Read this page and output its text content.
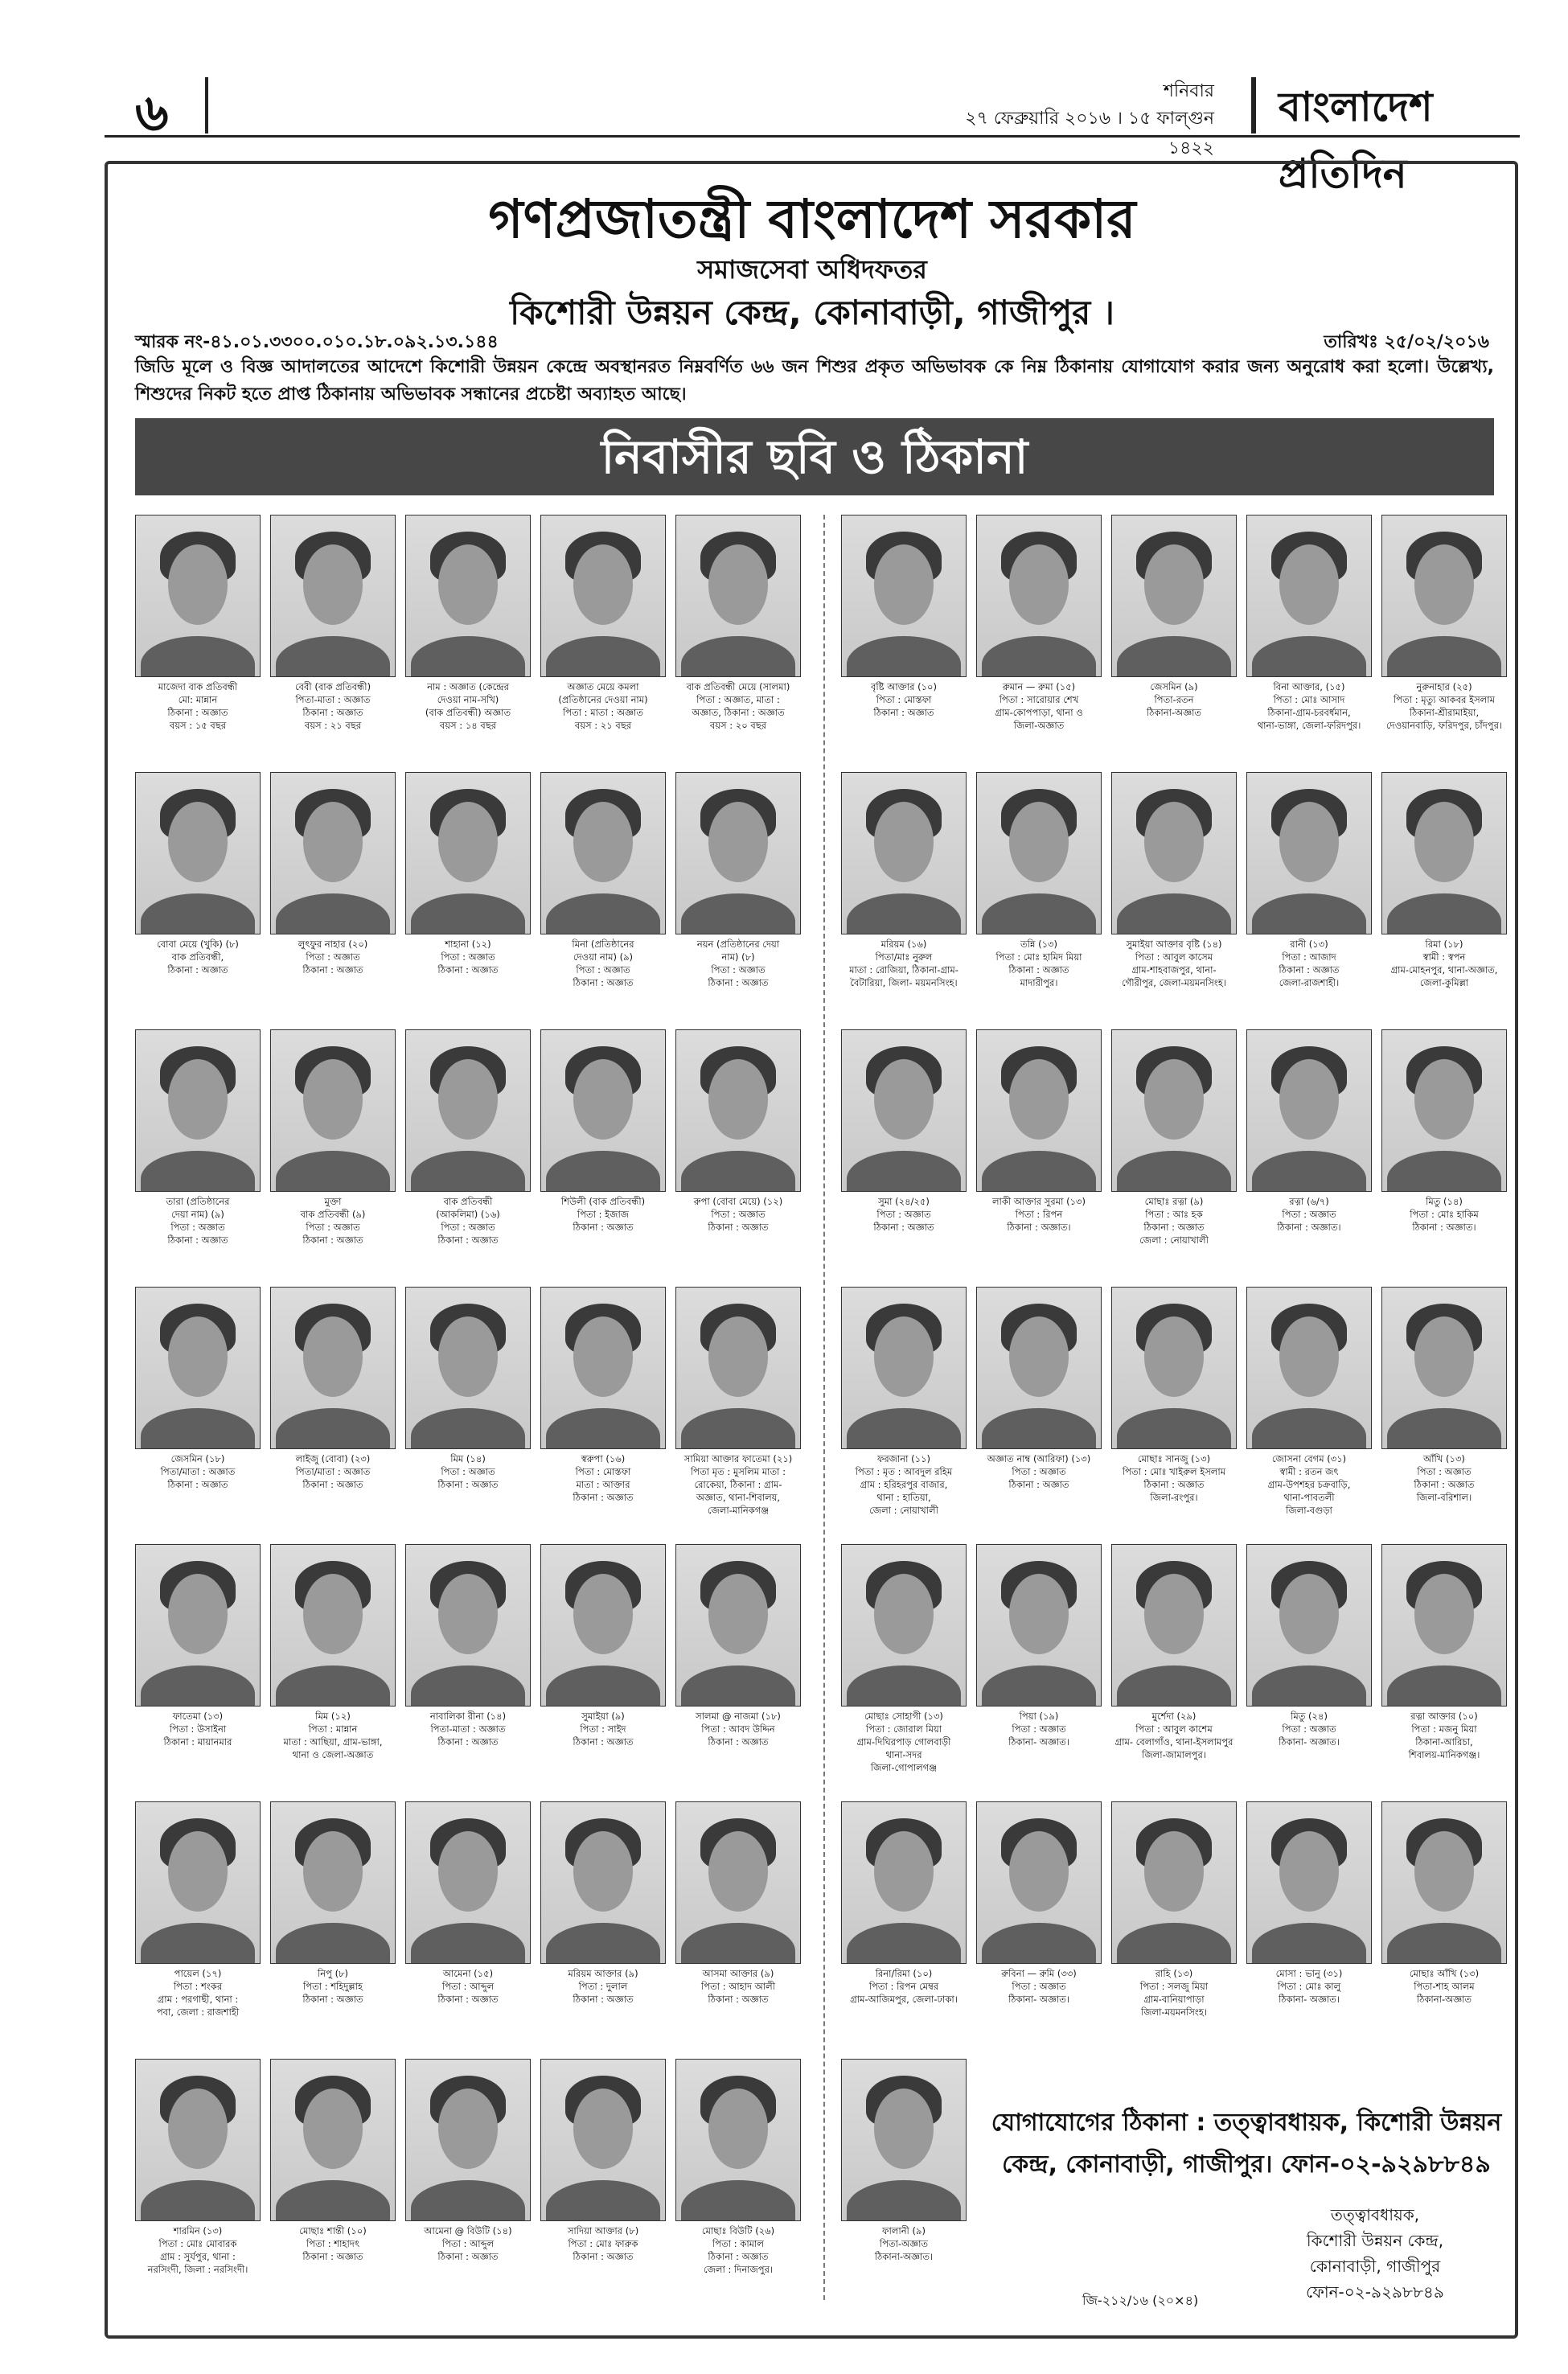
৬	শনিবার
২৭ ফেব্রুয়ারি ২০১৬ । ১৫ ফাল্গুন ১৪২২
বাংলাদেশ প্রতিদিন
গণপ্রজাতন্ত্রী বাংলাদেশ সরকার
সমাজসেবা অধিদফতর
কিশোরী উন্নয়ন কেন্দ্র, কোনাবাড়ী, গাজীপুর ।
স্মারক নং-৪১.০১.৩৩০০.০১০.১৮.০৯২.১৩.১৪৪	তারিখঃ ২৫/০২/২০১৬
জিডি মূলে ও বিজ্ঞ আদালতের আদেশে কিশোরী উন্নয়ন কেন্দ্রে অবস্থানরত নিম্নবর্ণিত ৬৬ জন শিশুর প্রকৃত অভিভাবক কে নিম্ন ঠিকানায় যোগাযোগ করার জন্য অনুরোধ করা হলো। উল্লেখ্য, শিশুদের নিকট হতে প্রাপ্ত ঠিকানায় অভিভাবক সন্ধানের প্রচেষ্টা অব্যাহত আছে।
নিবাসীর ছবি ও ঠিকানা
মাজেদা বাক প্রতিবন্ধী
মো: মান্নান
ঠিকানা : অজ্ঞাত
বয়স : ১৫ বছর
বেবী (বাক প্রতিবন্ধী)
পিতা-মাতা : অজ্ঞাত
ঠিকানা : অজ্ঞাত
বয়স : ২১ বছর
নাম : অজ্ঞাত (কেন্দ্রের
দেওয়া নাম-সখি)
(বাক প্রতিবন্ধী) অজ্ঞাত
বয়স : ১৪ বছর
অজ্ঞাত মেয়ে কমলা
(প্রতিষ্ঠানের দেওয়া নাম)
পিতা : মাতা : অজ্ঞাত
বয়স : ২১ বছর
বাক প্রতিবন্ধী মেয়ে (সালমা)
পিতা : অজ্ঞাত, মাতা :
অজ্ঞাত, ঠিকানা : অজ্ঞাত
বয়স : ২০ বছর
বোবা মেয়ে (খুকি) (৮)
বাক প্রতিবন্ধী,
ঠিকানা : অজ্ঞাত
লুৎফুর নাহার (২০)
পিতা : অজ্ঞাত
ঠিকানা : অজ্ঞাত
শাহানা (১২)
পিতা : অজ্ঞাত
ঠিকানা : অজ্ঞাত
মিনা (প্রতিষ্ঠানের
দেওয়া নাম) (৯)
পিতা : অজ্ঞাত
ঠিকানা : অজ্ঞাত
নয়ন (প্রতিষ্ঠানের দেয়া
নাম) (৮)
পিতা : অজ্ঞাত
ঠিকানা : অজ্ঞাত
তারা (প্রতিষ্ঠানের
দেয়া নাম) (৯)
পিতা : অজ্ঞাত
ঠিকানা : অজ্ঞাত
মুক্তা
বাক প্রতিবন্ধী (৯)
পিতা : অজ্ঞাত
ঠিকানা : অজ্ঞাত
বাক প্রতিবন্ধী
(আকলিমা) (১৬)
পিতা : অজ্ঞাত
ঠিকানা : অজ্ঞাত
শিউলী (বাক প্রতিবন্ধী)
পিতা : ইজাজ
ঠিকানা : অজ্ঞাত
রুপা (বোবা মেয়ে) (১২)
পিতা : অজ্ঞাত
ঠিকানা : অজ্ঞাত
জেসমিন (১৮)
পিতা/মাতা : অজ্ঞাত
ঠিকানা : অজ্ঞাত
লাইজু (বোবা) (২৩)
পিতা/মাতা : অজ্ঞাত
ঠিকানা : অজ্ঞাত
মিম (১৪)
পিতা : অজ্ঞাত
ঠিকানা : অজ্ঞাত
স্বরুপা (১৬)
পিতা : মোস্তফা
মাতা : আক্তার
ঠিকানা : অজ্ঞাত
সামিয়া আক্তার ফাতেমা (২১)
পিতা মৃত : মুসলিম মাতা :
রোকেয়া, ঠিকানা : গ্রাম-
অজ্ঞাত, থানা-শিবালয়,
জেলা-মানিকগঞ্জ
ফাতেমা (১৩)
পিতা : উসাইনা
ঠিকানা : মায়ানমার
মিম (১২)
পিতা : মান্নান
মাতা : আছিয়া, গ্রাম-ভাঙ্গা,
থানা ও জেলা-অজ্ঞাত
নাবালিকা রীনা (১৪)
পিতা-মাতা : অজ্ঞাত
ঠিকানা : অজ্ঞাত
সুমাইয়া (৯)
পিতা : সাইদ
ঠিকানা : অজ্ঞাত
সালমা @ নাজমা (১৮)
পিতা : আবদ উদ্দিন
ঠিকানা : অজ্ঞাত
পায়েল (১৭)
পিতা : শংকর
গ্রাম : পরগাছী, থানা :
পবা, জেলা : রাজশাহী
নিপু (৮)
পিতা : শহিদুল্লাহ
ঠিকানা : অজ্ঞাত
আমেনা (১৫)
পিতা : আব্দুল
ঠিকানা : অজ্ঞাত
মরিয়ম আক্তার (৯)
পিতা : দুলাল
ঠিকানা : অজ্ঞাত
আসমা আক্তার (৯)
পিতা : আহাদ আলী
ঠিকানা : অজ্ঞাত
শারমিন (১৩)
পিতা : মোঃ মোবারক
গ্রাম : সুর্যপুর, থানা :
নরসিংদী, জিলা : নরসিংদী।
মোছাঃ শান্তী (১০)
পিতা : শাহাদৎ
ঠিকানা : অজ্ঞাত
আমেনা @ বিউটি (১৪)
পিতা : আব্দুল
ঠিকানা : অজ্ঞাত
সাদিয়া আক্তার (৮)
পিতা : মোঃ ফারুক
ঠিকানা : অজ্ঞাত
মোছাঃ বিউটি (২৬)
পিতা : কামাল
ঠিকানা : অজ্ঞাত
জেলা : দিনাজপুর।
বৃষ্টি আক্তার (১০)
পিতা : মোস্তফা
ঠিকানা : অজ্ঞাত
রুমান — রুমা (১৫)
পিতা : সারোয়ার শেখ
গ্রাম-কোপপাড়া, থানা ও
জিলা-অজ্ঞাত
জেসমিন (৯)
পিতা-রতন
ঠিকানা-অজ্ঞাত
বিনা আক্তার, (১৫)
পিতা : মোঃ আসাদ
ঠিকানা-গ্রাম-চরবর্ধমান,
থানা-ভাঙ্গা, জেলা-ফরিদপুর।
নুরুনাহার (২৫)
পিতা : মৃত্যু আকবর ইসলাম
ঠিকানা-শ্রীরামাইয়া,
দেওয়ানবাড়ি, ফরিদপুর, চাঁদপুর।
মরিয়ম (১৬)
পিতা/মাঃ নুরুল
মাতা : রোজিয়া, ঠিকানা-গ্রাম-
বৈটারিয়া, জিলা- ময়মনসিংহ।
তন্নি (১৩)
পিতা : মোঃ হামিদ মিয়া
ঠিকানা : অজ্ঞাত
মাদারীপুর।
সুমাইয়া আক্তার বৃষ্টি (১৪)
পিতা : আবুল কাসেম
গ্রাম-শাহবাজপুর, থানা-
গৌরীপুর, জেলা-ময়মনসিংহ।
রানী (১৩)
পিতা : আজাদ
ঠিকানা : অজ্ঞাত
জেলা-রাজশাহী।
রিমা (১৮)
স্বামী : স্বপন
গ্রাম-মোহনপুর, থানা-অজ্ঞাত,
জেলা-কুমিল্লা
সুমা (২৪/২৫)
পিতা : অজ্ঞাত
ঠিকানা : অজ্ঞাত
লাকী আক্তার সুরমা (১৩)
পিতা : রিপন
ঠিকানা : অজ্ঞাত।
মোছাঃ রত্না (৯)
পিতা : আঃ হক
ঠিকানা : অজ্ঞাত
জেলা : নোয়াখালী
রত্না (৬/৭)
পিতা : অজ্ঞাত
ঠিকানা : অজ্ঞাত।
মিতু (১৪)
পিতা : মোঃ হাকিম
ঠিকানা : অজ্ঞাত।
ফরজানা (১১)
পিতা : মৃত : আবদুল রহিম
গ্রাম : হরিহরপুর বাজার,
থানা : হাতিয়া,
জেলা : নোয়াখালী
অজ্ঞাত নাম্ব (আরিফা) (১৩)
পিতা : অজ্ঞাত
ঠিকানা : অজ্ঞাত
মোছাঃ সানজু (১৩)
পিতা : মোঃ খাইরুল ইসলাম
ঠিকানা : অজ্ঞাত
জিলা-রংপুর।
জোসনা বেগম (৩১)
স্বামী : রতন জৎ
গ্রাম-উপশহর চক্রবাড়ি,
থানা-পাবতলী
জিলা-বগুড়া
আঁখি (১৩)
পিতা : অজ্ঞাত
ঠিকানা : অজ্ঞাত
জিলা-বরিশাল।
মোছাঃ সোহাগী (১৩)
পিতা : জোরাল মিয়া
গ্রাম-দিঘিরপাড় গোলবাড়ী
থানা-সদর
জিলা-গোপালগঞ্জ
পিয়া (১৯)
পিতা : অজ্ঞাত
ঠিকানা- অজ্ঞাত।
মুর্শেদা (২৯)
পিতা : আবুল কাশেম
গ্রাম- বেলাগাঁও, থানা-ইসলামপুর
জিলা-জামালপুর।
মিতু (২৪)
পিতা : অজ্ঞাত
ঠিকানা- অজ্ঞাত।
রত্না আক্তার (১০)
পিতা : মজনু মিয়া
ঠিকানা-আরিচা,
শিবালয়-মানিকগঞ্জ।
রিনা/রিমা (১০)
পিতা : রিপন মেম্বর
গ্রাম-আজিমপুর, জেলা-ঢাকা।
রুবিনা — রুমি (৩৩)
পিতা : অজ্ঞাত
ঠিকানা- অজ্ঞাত।
রাহি (১৩)
পিতা : সলজু মিয়া
গ্রাম-বানিয়াপাড়া
জিলা-ময়মনসিংহ।
মোসা : ভানু (৩১)
পিতা : মোঃ কালু
ঠিকানা- অজ্ঞাত।
মোছাঃ আঁখি (১৩)
পিতা-শাহ আলম
ঠিকানা-অজ্ঞাত
ফালানী (৯)
পিতা-অজ্ঞাত
ঠিকানা-অজ্ঞাত।
যোগাযোগের ঠিকানা : তত্ত্বাবধায়ক, কিশোরী উন্নয়ন
কেন্দ্র, কোনাবাড়ী, গাজীপুর। ফোন-০২-৯২৯৮৮৪৯
তত্ত্বাবধায়ক,
কিশোরী উন্নয়ন কেন্দ্র,
কোনাবাড়ী, গাজীপুর
ফোন-০২-৯২৯৮৮৪৯
জি-২১২/১৬ (২০×৪)
